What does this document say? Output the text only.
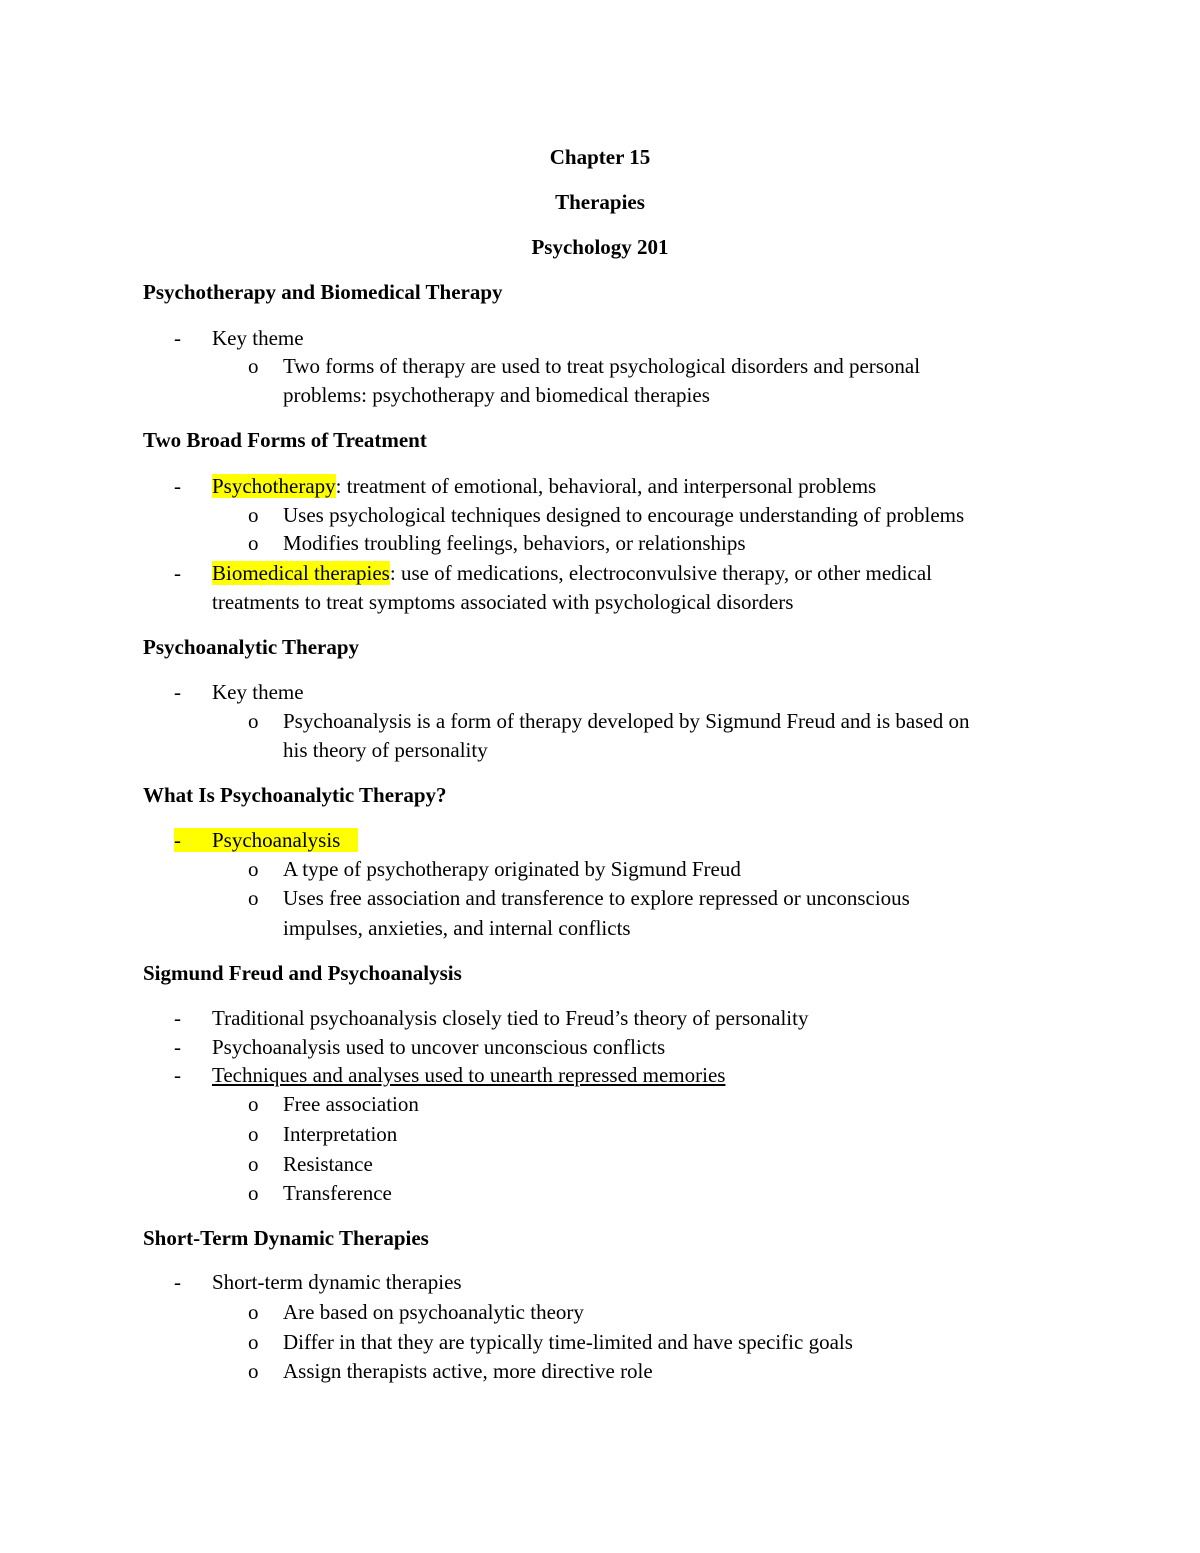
Chapter 15
Therapies
Psychology 201
Psychotherapy and Biomedical Therapy
- Key theme
o Two forms of therapy are used to treat psychological disorders and personal
problems: psychotherapy and biomedical therapies
Two Broad Forms of Treatment
- Psychotherapy: treatment of emotional, behavioral, and interpersonal problems
o Uses psychological techniques designed to encourage understanding of problems
o Modifies troubling feelings, behaviors, or relationships
- Biomedical therapies: use of medications, electroconvulsive therapy, or other medical
treatments to treat symptoms associated with psychological disorders
Psychoanalytic Therapy
- Key theme
o Psychoanalysis is a form of therapy developed by Sigmund Freud and is based on
his theory of personality
What Is Psychoanalytic Therapy?
- Psychoanalysis
o A type of psychotherapy originated by Sigmund Freud
o Uses free association and transference to explore repressed or unconscious
impulses, anxieties, and internal conflicts
Sigmund Freud and Psychoanalysis
- Traditional psychoanalysis closely tied to Freud’s theory of personality
- Psychoanalysis used to uncover unconscious conflicts
- Techniques and analyses used to unearth repressed memories
o Free association
o Interpretation
o Resistance
o Transference
Short-Term Dynamic Therapies
- Short-term dynamic therapies
o Are based on psychoanalytic theory
o Differ in that they are typically time-limited and have specific goals
o Assign therapists active, more directive role
